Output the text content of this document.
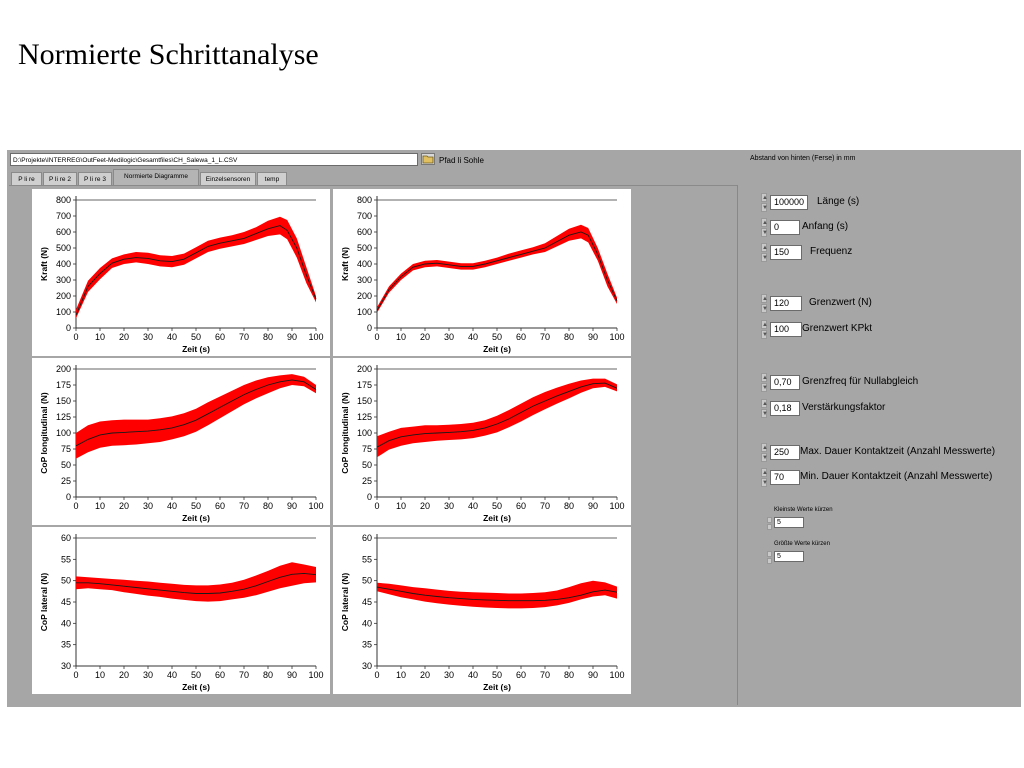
Normierte Schrittanalyse
D:\Projekte\INTERREG\OutFeet-Medilogic\Gesamtfiles\CH_Salewa_1_L.CSV	Pfad li Sohle	Abstand von hinten (Ferse) in mm
P li re	P li re 2	P li re 3	Normierte Diagramme	Einzelsensoren	temp
0 10 20 30 40 50 60 70 80 90 100
0
100
200
300
400
500
600
700
800
Zeit (s)
Kraft (N)
0 10 20 30 40 50 60 70 80 90 100
0
100
200
300
400
500
600
700
800
Zeit (s)
Kraft (N)
0 10 20 30 40 50 60 70 80 90 100
0
25
50
75
100
125
150
175
200
Zeit (s)
CoP longitudinal (N)
0 10 20 30 40 50 60 70 80 90 100
0
25
50
75
100
125
150
175
200
Zeit (s)
CoP longitudinal (N)
0 10 20 30 40 50 60 70 80 90 100
30
35
40
45
50
55
60
Zeit (s)
CoP lateral (N)
0 10 20 30 40 50 60 70 80 90 100
30
35
40
45
50
55
60
Zeit (s)
CoP lateral (N)
▲
▼
100000	Länge (s)
▲
▼
0	Anfang (s)
▲
▼
150	Frequenz
▲
▼
120	Grenzwert (N)
▲
▼
100	Grenzwert KPkt
▲
▼
0,70	Grenzfreq für Nullabgleich
▲
▼
0,18	Verstärkungsfaktor
▲
▼
250	Max. Dauer Kontaktzeit (Anzahl Messwerte)
▲
▼
70	Min. Dauer Kontaktzeit (Anzahl Messwerte)
Kleinste Werte kürzen
5
Größte Werte kürzen
5
